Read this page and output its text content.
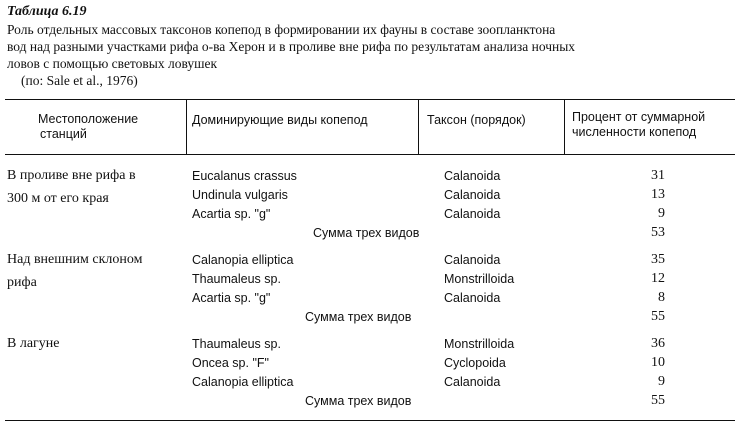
Таблица 6.19
Роль отдельных массовых таксонов копепод в формировании их фауны в составе зоопланктона
вод над разными участками рифа о-ва Херон и в проливе вне рифа по результатам анализа ночных
ловов с помощью световых ловушек
(по: Sale et al., 1976)
Местоположение
станций
Доминирующие виды копепод	Таксон (порядок)	Процент от суммарной
численности копепод
В проливе вне рифа в
300 м от его края
Eucalanus crassus	Calanoida	31
Undinula vulgaris	Calanoida	13
Acartia sp. "g"	Calanoida	9
Сумма трех видов	53
Над внешним склоном
рифа
Calanopia elliptica	Calanoida	35
Thaumaleus sp.	Monstrilloida	12
Acartia sp. "g"	Calanoida	8
Сумма трех видов	55
В лагуне	Thaumaleus sp.	Monstrilloida	36
Oncea sp. "F"	Cyclopoida	10
Calanopia elliptica	Calanoida	9
Сумма трех видов	55
